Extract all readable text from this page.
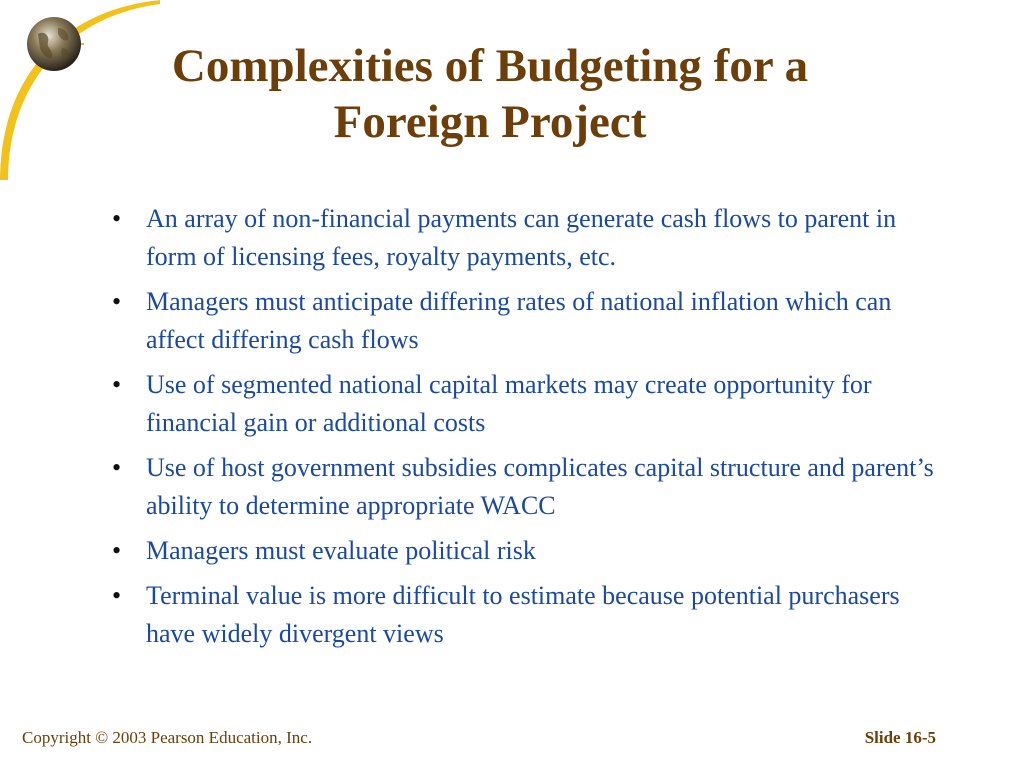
Complexities of Budgeting for a
Foreign Project
• An array of non-financial payments can generate cash flows to parent in form of licensing fees, royalty payments, etc.
• Managers must anticipate differing rates of national inflation which can affect differing cash flows
• Use of segmented national capital markets may create opportunity for financial gain or additional costs
• Use of host government subsidies complicates capital structure and parent’s ability to determine appropriate WACC
• Managers must evaluate political risk
• Terminal value is more difficult to estimate because potential purchasers have widely divergent views
Copyright © 2003 Pearson Education, Inc.	Slide 16-5
